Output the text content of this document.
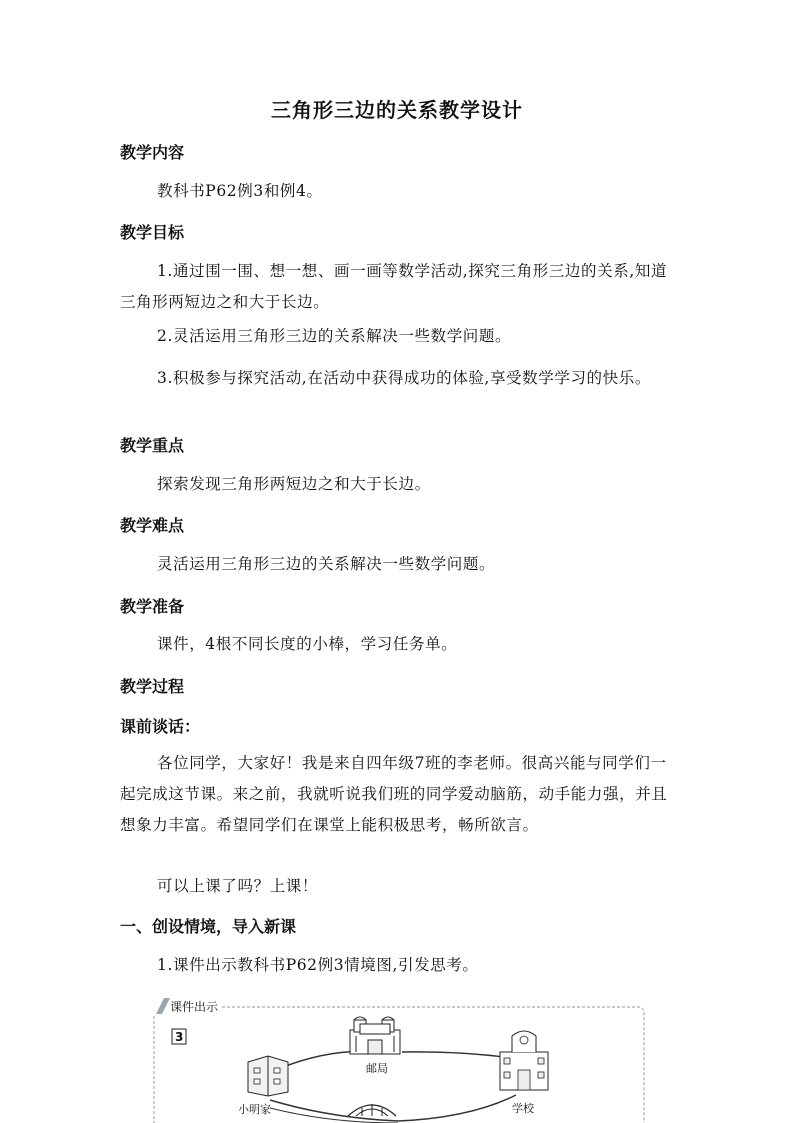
三角形三边的关系教学设计
教学内容
教科书P62例3和例4。
教学目标
1.通过围一围、想一想、画一画等数学活动,探究三角形三边的关系,知道三角形两短边之和大于长边。
2.灵活运用三角形三边的关系解决一些数学问题。
3.积极参与探究活动,在活动中获得成功的体验,享受数学学习的快乐。
教学重点
探索发现三角形两短边之和大于长边。
教学难点
灵活运用三角形三边的关系解决一些数学问题。
教学准备
课件，4根不同长度的小棒，学习任务单。
教学过程
课前谈话：
各位同学，大家好！我是来自四年级7班的李老师。很高兴能与同学们一起完成这节课。来之前，我就听说我们班的同学爱动脑筋，动手能力强，并且想象力丰富。希望同学们在课堂上能积极思考，畅所欲言。
可以上课了吗？上课！
一、创设情境，导入新课
1.课件出示教科书P62例3情境图,引发思考。
课件出示
3
邮局
小明家	学校
